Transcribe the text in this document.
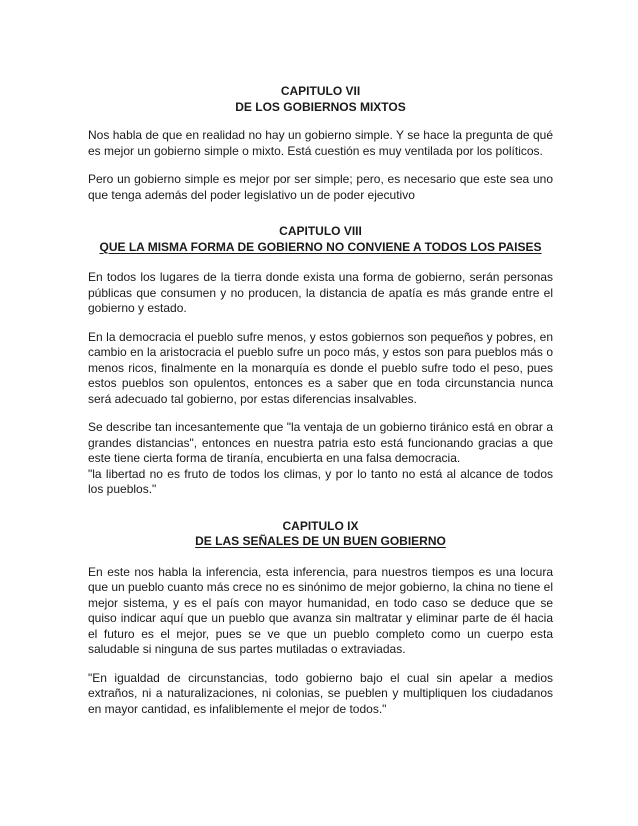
CAPITULO VII

DE LOS GOBIERNOS MIXTOS

Nos habla de que en realidad no hay un gobierno simple. Y se hace la pregunta de qué es mejor un gobierno simple o mixto. Está cuestión es muy ventilada por los políticos.

Pero un gobierno simple es mejor por ser simple; pero, es necesario que este sea uno que tenga además del poder legislativo un de poder ejecutivo

CAPITULO VIII

QUE LA MISMA FORMA DE GOBIERNO NO CONVIENE A TODOS LOS PAISES

En todos los lugares de la tierra donde exista una forma de gobierno, serán personas públicas que consumen y no producen, la distancia de apatía es más grande entre el gobierno y estado.

En la democracia el pueblo sufre menos, y estos gobiernos son pequeños y pobres, en cambio en la aristocracia el pueblo sufre un poco más, y estos son para pueblos más o menos ricos, finalmente en la monarquía es donde el pueblo sufre todo el peso, pues estos pueblos son opulentos, entonces es a saber que en toda circunstancia nunca será adecuado tal gobierno, por estas diferencias insalvables.

Se describe tan incesantemente que "la ventaja de un gobierno tiránico está en obrar a grandes distancias", entonces en nuestra patria esto está funcionando gracias a que este tiene cierta forma de tiranía, encubierta en una falsa democracia.
"la libertad no es fruto de todos los climas, y por lo tanto no está al alcance de todos los pueblos."

CAPITULO IX

DE LAS SEÑALES DE UN BUEN GOBIERNO

En este nos habla la inferencia, esta inferencia, para nuestros tiempos es una locura que un pueblo cuanto más crece no es sinónimo de mejor gobierno, la china no tiene el mejor sistema, y es el país con mayor humanidad, en todo caso se deduce que se quiso indicar aquí que un pueblo que avanza sin maltratar y eliminar parte de él hacia el futuro es el mejor, pues se ve que un pueblo completo como un cuerpo esta saludable si ninguna de sus partes mutiladas o extraviadas.

"En igualdad de circunstancias, todo gobierno bajo el cual sin apelar a medios extraños, ni a naturalizaciones, ni colonias, se pueblen y multipliquen los ciudadanos en mayor cantidad, es infaliblemente el mejor de todos."
